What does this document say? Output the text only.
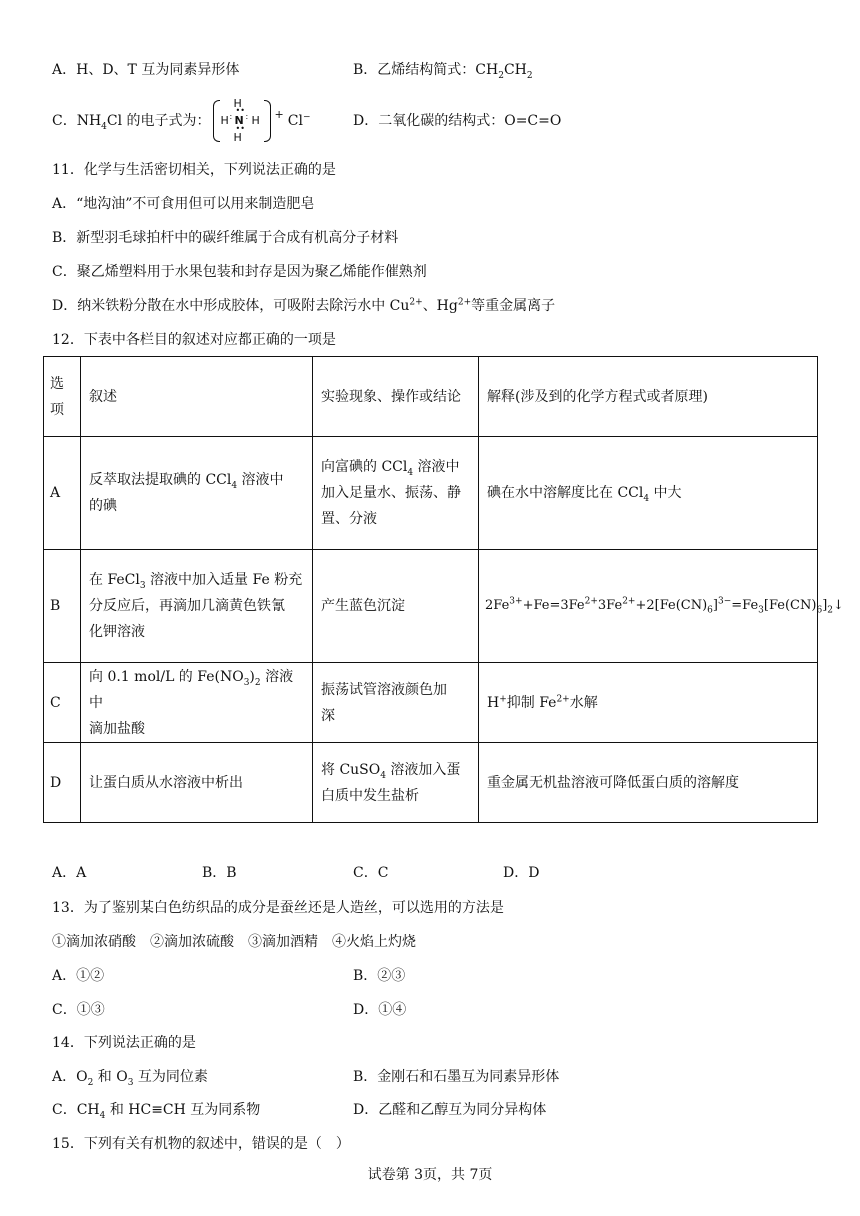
A．H、D、T 互为同素异形体	B．乙烯结构简式：$CH_2CH_2$
C．$NH_4Cl$ 的电子式为：
H
••
H : N : H
••
H
+ Cl−	D．二氧化碳的结构式：O=C=O
11．化学与生活密切相关，下列说法正确的是
A．“地沟油”不可食用但可以用来制造肥皂
B．新型羽毛球拍杆中的碳纤维属于合成有机高分子材料
C．聚乙烯塑料用于水果包装和封存是因为聚乙烯能作催熟剂
D．纳米铁粉分散在水中形成胶体，可吸附去除污水中 $Cu^{2+}$、$Hg^{2+}$等重金属离子
12．下表中各栏目的叙述对应都正确的一项是
选
项	叙述	实验现象、操作或结论	解释(涉及到的化学方程式或者原理)
A	反萃取法提取碘的 CCl$_4$ 溶液中
的碘	向富碘的 CCl$_4$ 溶液中
加入足量水、振荡、静
置、分液	碘在水中溶解度比在 CCl$_4$ 中大
B	在 FeCl$_3$ 溶液中加入适量 Fe 粉充
分反应后，再滴加几滴黄色铁氰
化钾溶液	产生蓝色沉淀	$2Fe^{3+}+Fe=3Fe^{2+}3Fe^{2+}+2[Fe(CN)_6]^{3-}=Fe_3[Fe(CN)_6]_2↓$
C	向 0.1 mol/L 的 $Fe(NO_3)_2$ 溶液中
滴加盐酸	振荡试管溶液颜色加
深	H+抑制 $Fe^{2+}$水解
D	让蛋白质从水溶液中析出	将 CuSO$_4$ 溶液加入蛋
白质中发生盐析	重金属无机盐溶液可降低蛋白质的溶解度
A．A	B．B	C．C	D．D
13．为了鉴别某白色纺织品的成分是蚕丝还是人造丝，可以选用的方法是
①滴加浓硝酸　②滴加浓硫酸　③滴加酒精　④火焰上灼烧
A．①②	B．②③
C．①③	D．①④
14．下列说法正确的是
A．$O_2$ 和 $O_3$ 互为同位素	B．金刚石和石墨互为同素异形体
C．$CH_4$ 和 HC≡CH 互为同系物	D．乙醛和乙醇互为同分异构体
15．下列有关有机物的叙述中，错误的是（　）
试卷第 3页，共 7页
